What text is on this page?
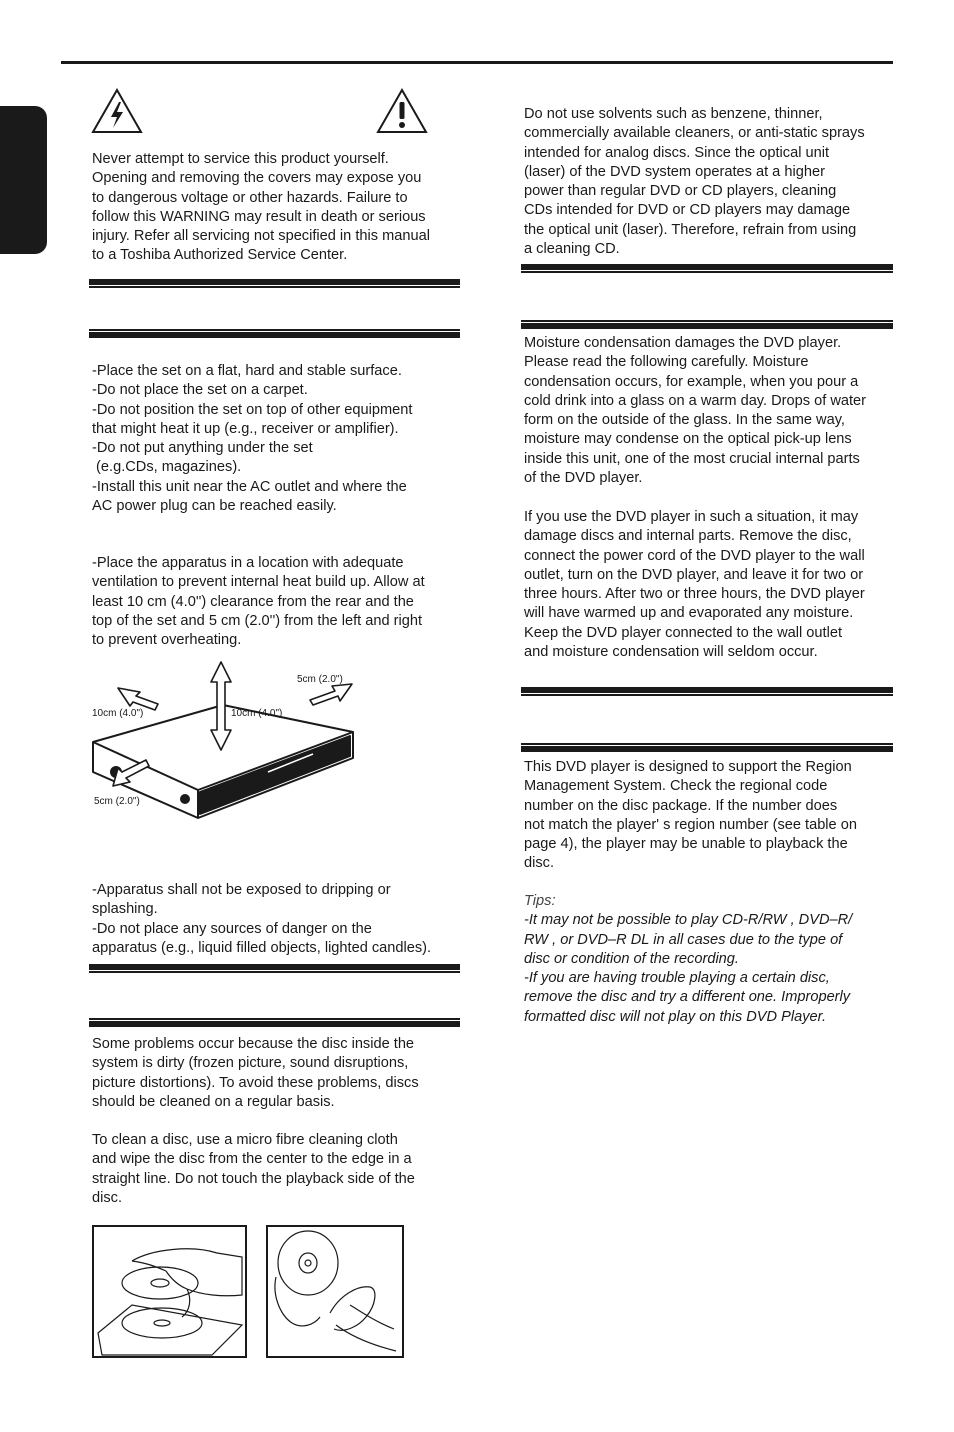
Never attempt to service this product yourself.
Opening and removing the covers may expose you
to dangerous voltage or other hazards. Failure to
follow this WARNING may result in death or serious
injury. Refer all servicing not specified in this manual
to a Toshiba Authorized Service Center.
-Place the set on a flat, hard and stable surface.
-Do not place the set on a carpet.
-Do not position the set on top of other equipment
that might heat it up (e.g., receiver or amplifier).
-Do not put anything under the set
(e.g.CDs, magazines).
-Install this unit near the AC outlet and where the
AC power plug can be reached easily.
-Place the apparatus in a location with adequate
ventilation to prevent internal heat build up. Allow at
least 10 cm (4.0'') clearance from the rear and the
top of the set and 5 cm (2.0'') from the left and right
to prevent overheating.
5cm (2.0")
10cm (4.0")	10cm (4.0")
5cm (2.0")
-Apparatus shall not be exposed to dripping or
splashing.
-Do not place any sources of danger on the
apparatus (e.g., liquid filled objects, lighted candles).
Some problems occur because the disc inside the
system is dirty (frozen picture, sound disruptions,
picture distortions). To avoid these problems, discs
should be cleaned on a regular basis.
To clean a disc, use a micro fibre cleaning cloth
and wipe the disc from the center to the edge in a
straight line. Do not touch the playback side of the
disc.
Do not use solvents such as benzene, thinner,
commercially available cleaners, or anti-static sprays
intended for analog discs. Since the optical unit
(laser) of the DVD system operates at a higher
power than regular DVD or CD players, cleaning
CDs intended for DVD or CD players may damage
the optical unit (laser). Therefore, refrain from using
a cleaning CD.
Moisture condensation damages the DVD player.
Please read the following carefully. Moisture
condensation occurs, for example, when you pour a
cold drink into a glass on a warm day. Drops of water
form on the outside of the glass. In the same way,
moisture may condense on the optical pick-up lens
inside this unit, one of the most crucial internal parts
of the DVD player.
If you use the DVD player in such a situation, it may
damage discs and internal parts. Remove the disc,
connect the power cord of the DVD player to the wall
outlet, turn on the DVD player, and leave it for two or
three hours. After two or three hours, the DVD player
will have warmed up and evaporated any moisture.
Keep the DVD player connected to the wall outlet
and moisture condensation will seldom occur.
This DVD player is designed to support the Region
Management System. Check the regional code
number on the disc package. If the number does
not match the player' s region number (see table on
page 4), the player may be unable to playback the
disc.
Tips:
-It may not be possible to play CD-R/RW , DVD–R/
RW , or DVD–R DL in all cases due to the type of
disc or condition of the recording.
-If you are having trouble playing a certain disc,
remove the disc and try a different one. Improperly
formatted disc will not play on this DVD Player.
